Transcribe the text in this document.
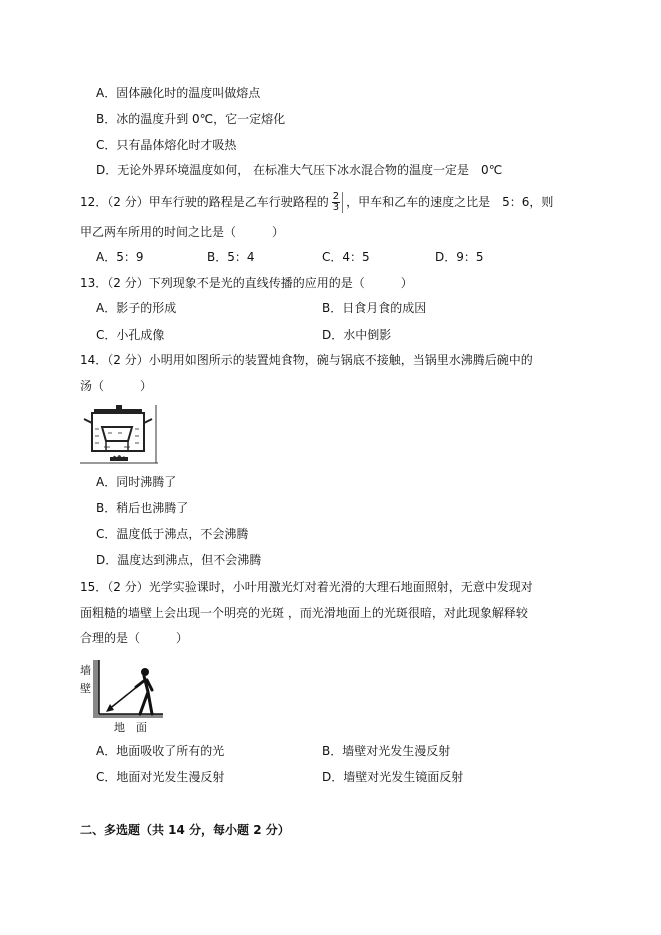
A．固体融化时的温度叫做熔点
B．冰的温度升到 0℃，它一定熔化
C．只有晶体熔化时才吸热
D．无论外界环境温度如何， 在标准大气压下冰水混合物的温度一定是　0℃
12．（2 分）甲车行驶的路程是乙车行驶路程的 $\frac{2}{3}$ ，甲车和乙车的速度之比是　5：6，则
甲乙两车所用的时间之比是（　　　）
A．5：9	B．5：4	C．4：5	D．9：5
13．（2 分）下列现象不是光的直线传播的应用的是（　　　）
A．影子的形成	B．日食月食的成因
C．小孔成像	D．水中倒影
14．（2 分）小明用如图所示的装置炖食物，碗与锅底不接触，当锅里水沸腾后碗中的
汤（　　　）
A．同时沸腾了
B．稍后也沸腾了
C．温度低于沸点，不会沸腾
D．温度达到沸点，但不会沸腾
15．（2 分）光学实验课时，小叶用激光灯对着光滑的大理石地面照射，无意中发现对
面粗糙的墙壁上会出现一个明亮的光斑 ，而光滑地面上的光斑很暗，对此现象解释较
合理的是（　　　）
墙
壁
地　面
A．地面吸收了所有的光	B．墙壁对光发生漫反射
C．地面对光发生漫反射	D．墙壁对光发生镜面反射
二、多选题（共 14 分，每小题 2 分）
